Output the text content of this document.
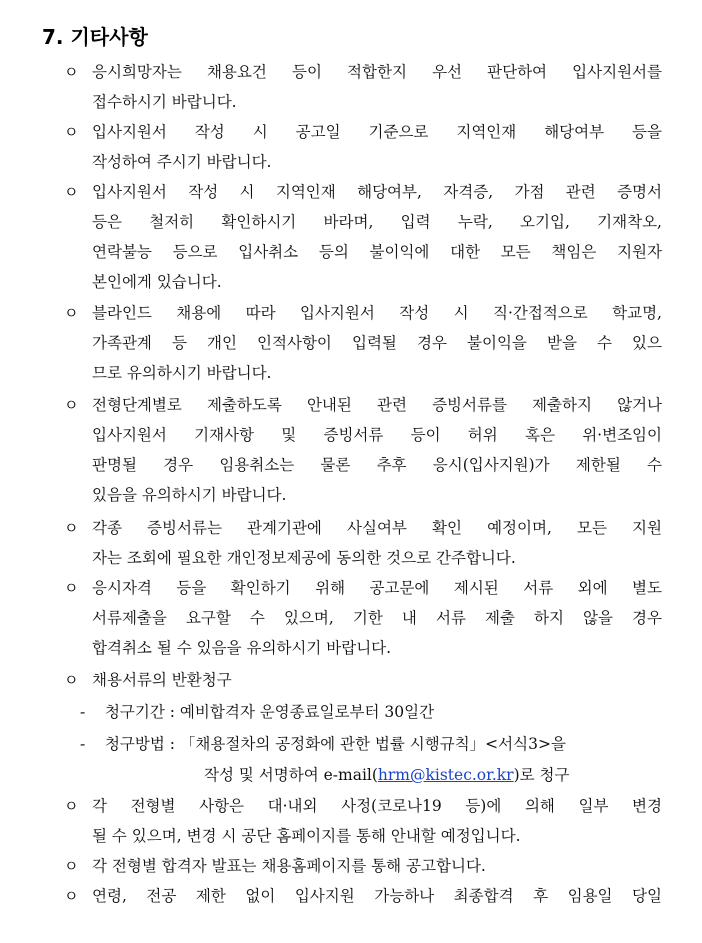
7. 기타사항
ㅇ 응시희망자는 채용요건 등이 적합한지 우선 판단하여 입사지원서를
접수하시기 바랍니다.
ㅇ 입사지원서 작성 시 공고일 기준으로 지역인재 해당여부 등을
작성하여 주시기 바랍니다.
ㅇ 입사지원서 작성 시 지역인재 해당여부, 자격증, 가점 관련 증명서
등은 철저히 확인하시기 바라며, 입력 누락, 오기입, 기재착오,
연락불능 등으로 입사취소 등의 불이익에 대한 모든 책임은 지원자
본인에게 있습니다.
ㅇ 블라인드 채용에 따라 입사지원서 작성 시 직·간접적으로 학교명,
가족관계 등 개인 인적사항이 입력될 경우 불이익을 받을 수 있으
므로 유의하시기 바랍니다.
ㅇ 전형단계별로 제출하도록 안내된 관련 증빙서류를 제출하지 않거나
입사지원서 기재사항 및 증빙서류 등이 허위 혹은 위·변조임이
판명될 경우 임용취소는 물론 추후 응시(입사지원)가 제한될 수
있음을 유의하시기 바랍니다.
ㅇ 각종 증빙서류는 관계기관에 사실여부 확인 예정이며, 모든 지원
자는 조회에 필요한 개인정보제공에 동의한 것으로 간주합니다.
ㅇ 응시자격 등을 확인하기 위해 공고문에 제시된 서류 외에 별도
서류제출을 요구할 수 있으며, 기한 내 서류 제출 하지 않을 경우
합격취소 될 수 있음을 유의하시기 바랍니다.
ㅇ 채용서류의 반환청구
- 청구기간 : 예비합격자 운영종료일로부터 30일간
- 청구방법 : 「채용절차의 공정화에 관한 법률 시행규칙」<서식3>을
작성 및 서명하여 e-mail(hrm@kistec.or.kr)로 청구
ㅇ 각 전형별 사항은 대·내외 사정(코로나19 등)에 의해 일부 변경
될 수 있으며, 변경 시 공단 홈페이지를 통해 안내할 예정입니다.
ㅇ 각 전형별 합격자 발표는 채용홈페이지를 통해 공고합니다.
ㅇ 연령, 전공 제한 없이 입사지원 가능하나 최종합격 후 임용일 당일
